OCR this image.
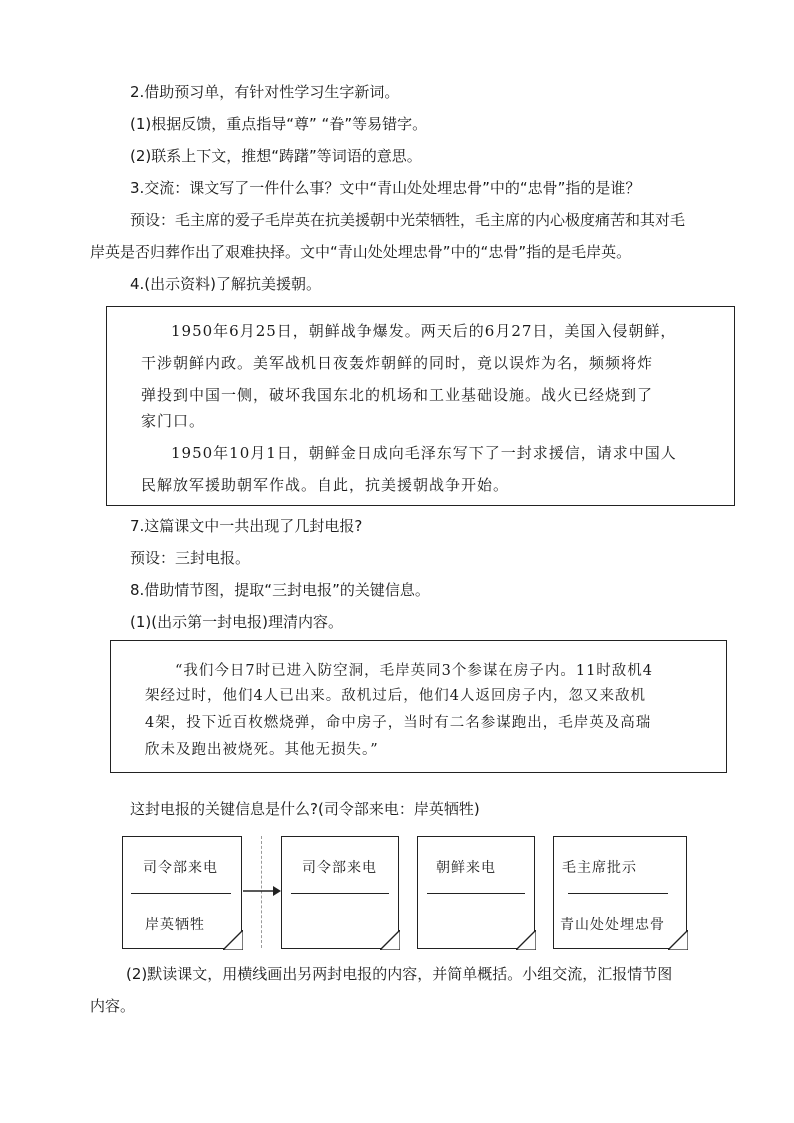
2.借助预习单，有针对性学习生字新词。
(1)根据反馈，重点指导“尊” “眷”等易错字。
(2)联系上下文，推想“踌躇”等词语的意思。
3.交流：课文写了一件什么事？文中“青山处处埋忠骨”中的“忠骨”指的是谁？
预设：毛主席的爱子毛岸英在抗美援朝中光荣牺牲，毛主席的内心极度痛苦和其对毛
岸英是否归葬作出了艰难抉择。文中“青山处处埋忠骨”中的“忠骨”指的是毛岸英。
4.(出示资料)了解抗美援朝。

1950年6月25日，朝鲜战争爆发。两天后的6月27日，美国入侵朝鲜，

干涉朝鲜内政。美军战机日夜轰炸朝鲜的同时，竟以误炸为名，频频将炸

弹投到中国一侧，破坏我国东北的机场和工业基础设施。战火已经烧到了

家门口。

1950年10月1日，朝鲜金日成向毛泽东写下了一封求援信，请求中国人

民解放军援助朝军作战。自此，抗美援朝战争开始。

7.这篇课文中一共出现了几封电报?
预设：三封电报。
8.借助情节图，提取“三封电报”的关键信息。
(1)(出示第一封电报)理清内容。

“我们今日7时已进入防空洞，毛岸英同3个参谋在房子内。11时敌机4

架经过时，他们4人已出来。敌机过后，他们4人返回房子内，忽又来敌机

4架，投下近百枚燃烧弹，命中房子，当时有二名参谋跑出，毛岸英及高瑞

欣未及跑出被烧死。其他无损失。”

这封电报的关键信息是什么?(司令部来电：岸英牺牲)
司令部来电
岸英牺牲
司令部来电	朝鲜来电	毛主席批示
青山处处埋忠骨
(2)默读课文，用横线画出另两封电报的内容，并简单概括。小组交流，汇报情节图
内容。
